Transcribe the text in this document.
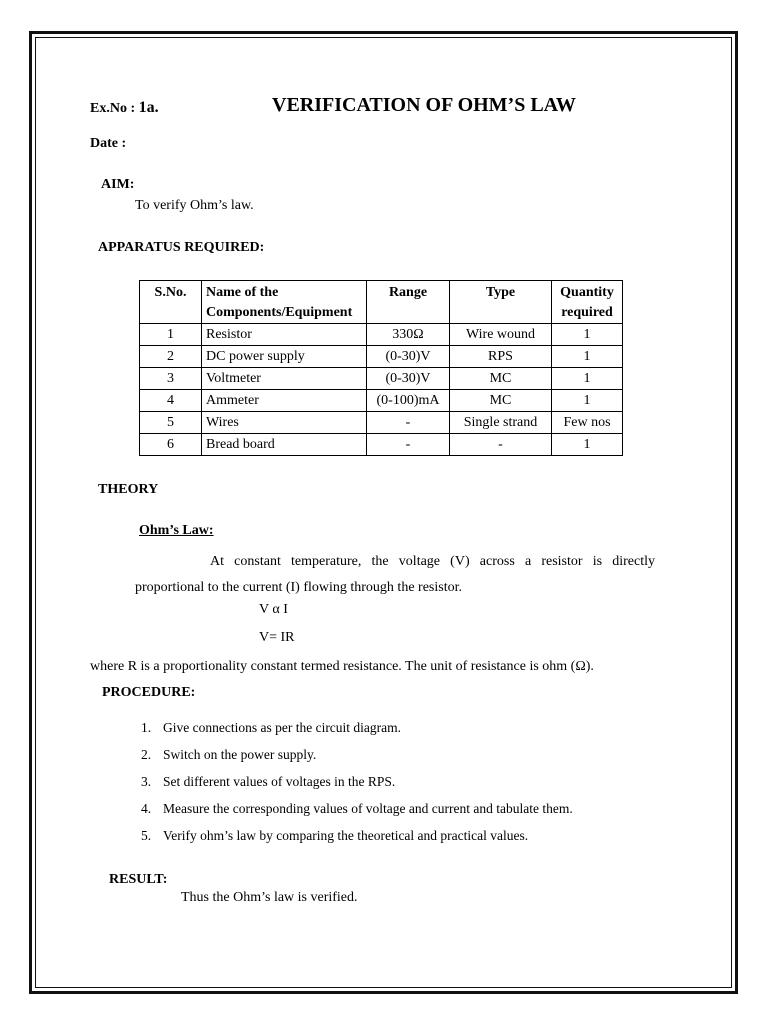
Ex.No : 1a.	VERIFICATION OF OHM’S LAW
Date :
AIM:
To verify Ohm’s law.
APPARATUS REQUIRED:
S.No.	Name of the Components/Equipment	Range	Type	Quantity required
1	Resistor	330Ω	Wire wound	1
2	DC power supply	(0-30)V	RPS	1
3	Voltmeter	(0-30)V	MC	1
4	Ammeter	(0-100)mA	MC	1
5	Wires	-	Single strand	Few nos
6	Bread board	-	-	1
THEORY
Ohm’s Law:
At constant temperature, the voltage (V) across a resistor is directly proportional to the current (I) flowing through the resistor.
V α I
V= IR
where R is a proportionality constant termed resistance. The unit of resistance is ohm (Ω).
PROCEDURE:
1. Give connections as per the circuit diagram.
2. Switch on the power supply.
3. Set different values of voltages in the RPS.
4. Measure the corresponding values of voltage and current and tabulate them.
5. Verify ohm’s law by comparing the theoretical and practical values.
RESULT:
Thus the Ohm’s law is verified.
